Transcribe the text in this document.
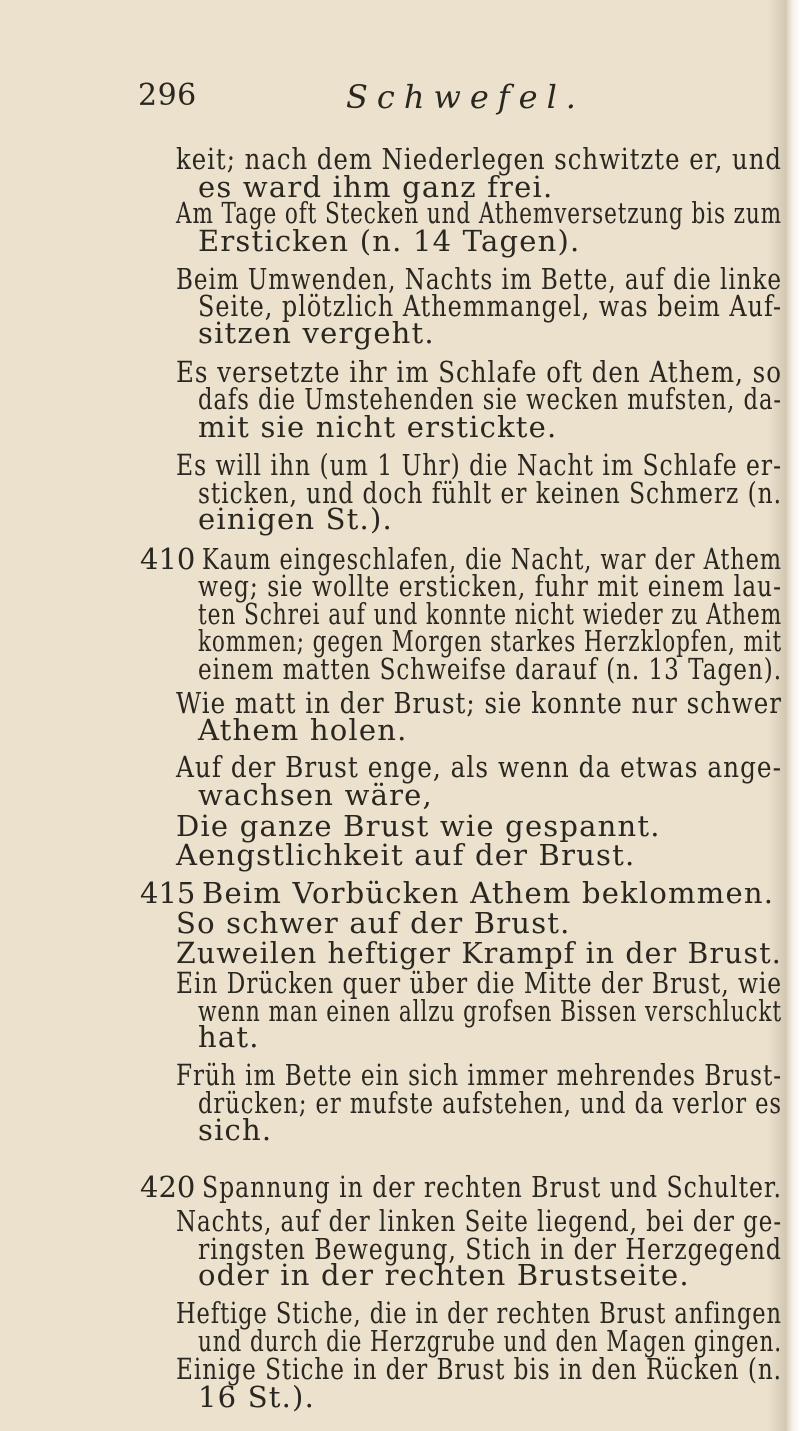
296	Schwefel.
keit; nach dem Niederlegen schwitzte er, und
es ward ihm ganz frei.
Am Tage oft Stecken und Athemversetzung bis zum
Ersticken (n. 14 Tagen).
Beim Umwenden, Nachts im Bette, auf die linke
Seite, plötzlich Athemmangel, was beim Auf-
sitzen vergeht.
Es versetzte ihr im Schlafe oft den Athem, so
dafs die Umstehenden sie wecken mufsten, da-
mit sie nicht erstickte.
Es will ihn (um 1 Uhr) die Nacht im Schlafe er-
sticken, und doch fühlt er keinen Schmerz (n.
einigen St.).
410 Kaum eingeschlafen, die Nacht, war der Athem
weg; sie wollte ersticken, fuhr mit einem lau-
ten Schrei auf und konnte nicht wieder zu Athem
kommen; gegen Morgen starkes Herzklopfen, mit
einem matten Schweifse darauf (n. 13 Tagen).
Wie matt in der Brust; sie konnte nur schwer
Athem holen.
Auf der Brust enge, als wenn da etwas ange-
wachsen wäre,
Die ganze Brust wie gespannt.
Aengstlichkeit auf der Brust.
415 Beim Vorbücken Athem beklommen.
So schwer auf der Brust.
Zuweilen heftiger Krampf in der Brust.
Ein Drücken quer über die Mitte der Brust, wie
wenn man einen allzu grofsen Bissen verschluckt
hat.
Früh im Bette ein sich immer mehrendes Brust-
drücken; er mufste aufstehen, und da verlor es
sich.
420 Spannung in der rechten Brust und Schulter.
Nachts, auf der linken Seite liegend, bei der ge-
ringsten Bewegung, Stich in der Herzgegend
oder in der rechten Brustseite.
Heftige Stiche, die in der rechten Brust anfingen
und durch die Herzgrube und den Magen gingen.
Einige Stiche in der Brust bis in den Rücken (n.
16 St.).
